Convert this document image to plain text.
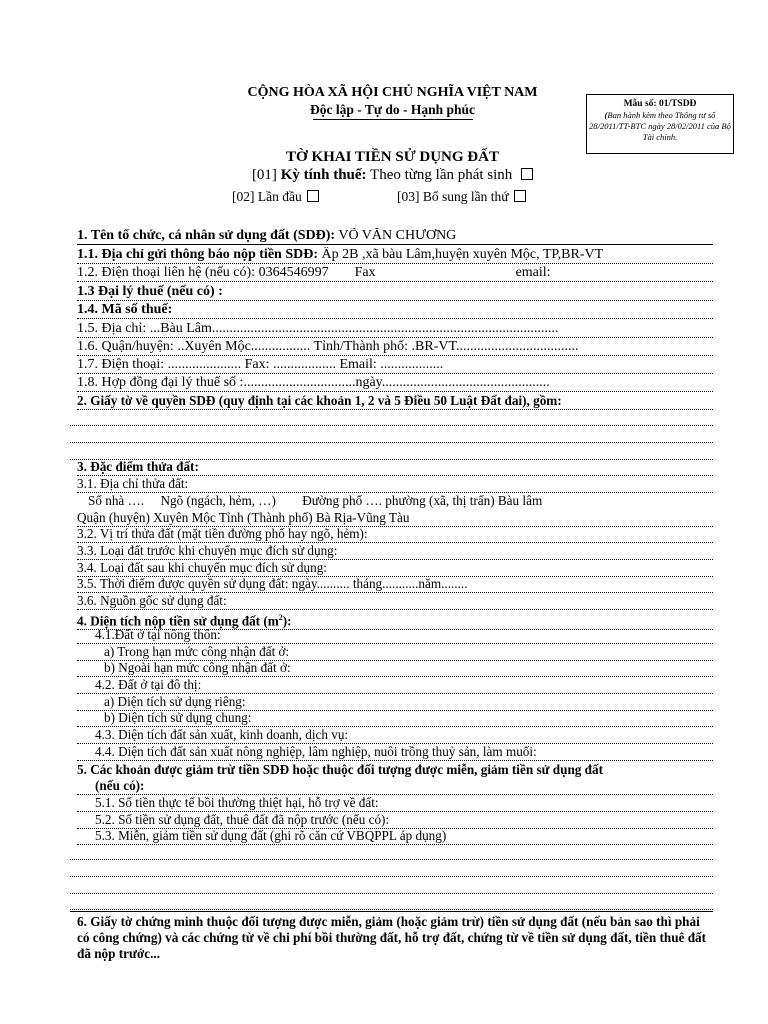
CỘNG HÒA XÃ HỘI CHỦ NGHĨA VIỆT NAM
Độc lập - Tự do - Hạnh phúc	Mẫu số: 01/TSDĐ
(Ban hành kèm theo Thông tư số 28/2011/TT-BTC ngày 28/02/2011 của Bộ Tài chính.
TỜ KHAI TIỀN SỬ DỤNG ĐẤT
[01] Kỳ tính thuế: Theo từng lần phát sinh
[02] Lần đầu	[03] Bổ sung lần thứ
1. Tên tổ chức, cá nhân sử dụng đất (SDĐ): VÕ VĂN CHƯƠNG
1.1. Địa chỉ gửi thông báo nộp tiền SDĐ: Ấp 2B ,xã bàu Lâm,huyện xuyên Mộc, TP,BR-VT
1.2. Điện thoại liên hệ (nếu có): 0364546997 Fax	email:
1.3 Đại lý thuế (nếu có) :
1.4. Mã số thuế:
1.5. Địa chỉ: ...Bàu Lâm...................................................................................................
1.6. Quận/huyện: ..Xuyên Mộc................. Tỉnh/Thành phố: .BR-VT...................................
1.7. Điện thoại: ..................... Fax: .................. Email: ..................
1.8. Hợp đồng đại lý thuế số :................................ngày................................................
2. Giấy tờ về quyền SDĐ (quy định tại các khoản 1, 2 và 5 Điều 50 Luật Đất đai), gồm:
3. Đặc điểm thửa đất:
3.1. Địa chỉ thửa đất:
Số nhà ….     Ngõ (ngách, hẻm, …)        Đường phố …. phường (xã, thị trấn) Bàu lâm
Quận (huyện) Xuyên Mộc Tỉnh (Thành phố) Bà Rịa-Vũng Tàu
3.2. Vị trí thửa đất (mặt tiền đường phố hay ngõ, hẻm):
3.3. Loại đất trước khi chuyển mục đích sử dụng:
3.4. Loại đất sau khi chuyển mục đích sử dụng:
3.5. Thời điểm được quyền sử dụng đất: ngày.......... tháng...........năm........
3.6. Nguồn gốc sử dụng đất:
4. Diện tích nộp tiền sử dụng đất $(m^2)$:
4.1.Đất ở tại nông thôn:
a) Trong hạn mức công nhận đất ở:
b) Ngoài hạn mức công nhận đất ở:
4.2. Đất ở tại đô thị:
a) Diện tích sử dụng riêng:
b) Diện tích sử dụng chung:
4.3. Diện tích đất sản xuất, kinh doanh, dịch vụ:
4.4. Diện tích đất sản xuất nông nghiệp, lâm nghiệp, nuôi trồng thuỷ sản, làm muối:
5. Các khoản được giảm trừ tiền SDĐ hoặc thuộc đối tượng được miễn, giảm tiền sử dụng đất
(nếu có):
5.1. Số tiền thực tế bồi thường thiệt hại, hỗ trợ về đất:
5.2. Số tiền sử dụng đất, thuê đất đã nộp trước (nếu có):
5.3. Miễn, giảm tiền sử dụng đất (ghi rõ căn cứ VBQPPL áp dụng)
6. Giấy tờ chứng minh thuộc đối tượng được miễn, giảm (hoặc giảm trừ) tiền sử dụng đất (nếu bản sao thì phải có công chứng) và các chứng từ về chi phí bồi thường đất, hỗ trợ đất, chứng từ về tiền sử dụng đất, tiền thuê đất đã nộp trước...
